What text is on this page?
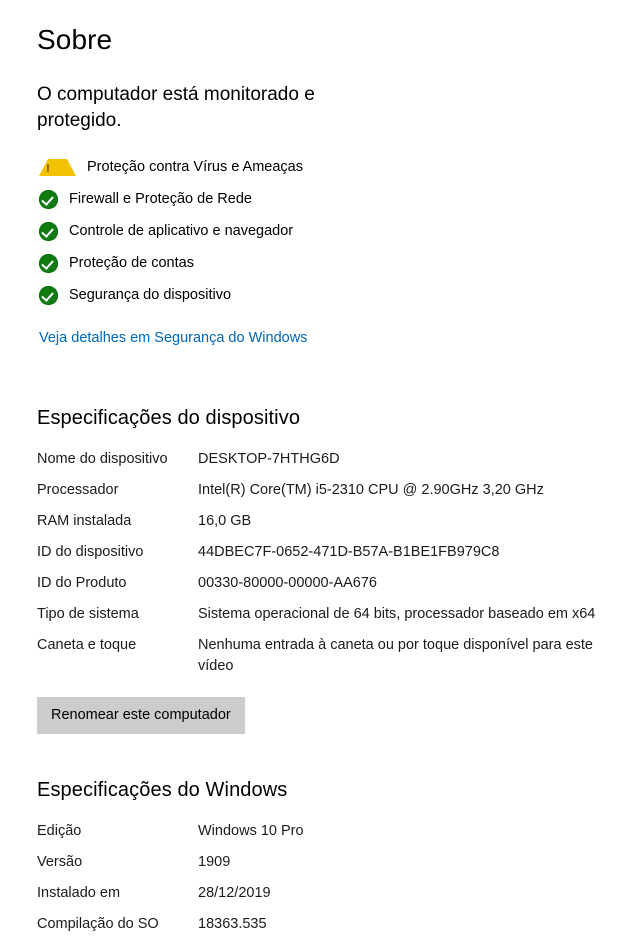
Sobre
O computador está monitorado e protegido.
!
Proteção contra Vírus e Ameaças
Firewall e Proteção de Rede
Controle de aplicativo e navegador
Proteção de contas
Segurança do dispositivo
Veja detalhes em Segurança do Windows
Especificações do dispositivo
Nome do dispositivo	DESKTOP-7HTHG6D
Processador	Intel(R) Core(TM) i5-2310 CPU @ 2.90GHz 3,20 GHz
RAM instalada	16,0 GB
ID do dispositivo	44DBEC7F-0652-471D-B57A-B1BE1FB979C8
ID do Produto	00330-80000-00000-AA676
Tipo de sistema	Sistema operacional de 64 bits, processador baseado em x64
Caneta e toque	Nenhuma entrada à caneta ou por toque disponível para este vídeo
Renomear este computador
Especificações do Windows
Edição	Windows 10 Pro
Versão	1909
Instalado em	28/12/2019
Compilação do SO	18363.535
